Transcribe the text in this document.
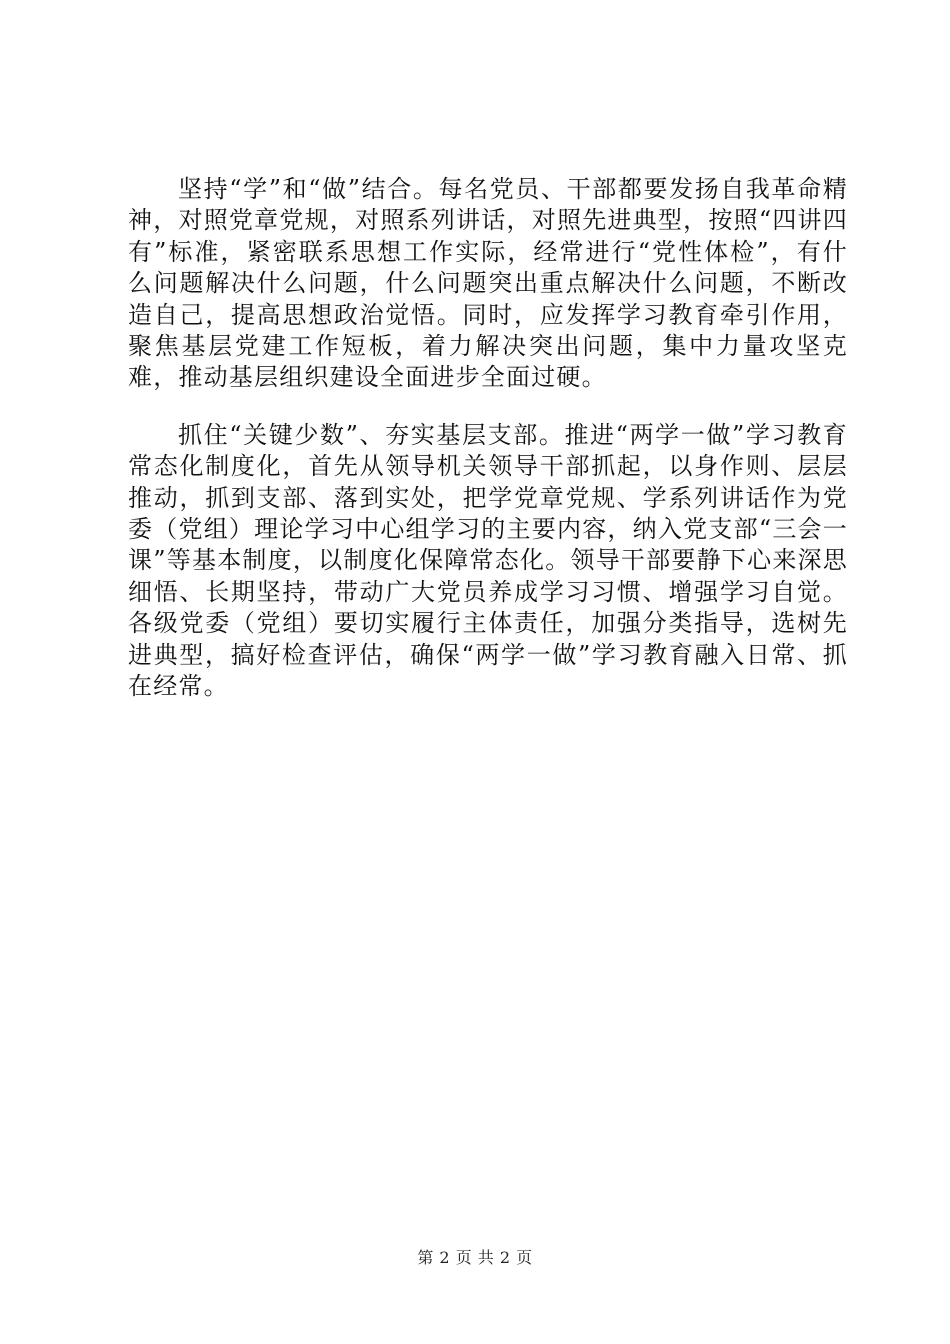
坚持“学”和“做”结合。每名党员、干部都要发扬自我革命精神，对照党章党规，对照系列讲话，对照先进典型，按照“四讲四有”标准，紧密联系思想工作实际，经常进行“党性体检”，有什么问题解决什么问题，什么问题突出重点解决什么问题，不断改造自己，提高思想政治觉悟。同时，应发挥学习教育牵引作用，聚焦基层党建工作短板，着力解决突出问题，集中力量攻坚克难，推动基层组织建设全面进步全面过硬。

抓住“关键少数”、夯实基层支部。推进“两学一做”学习教育常态化制度化，首先从领导机关领导干部抓起，以身作则、层层推动，抓到支部、落到实处，把学党章党规、学系列讲话作为党委（党组）理论学习中心组学习的主要内容，纳入党支部“三会一课”等基本制度，以制度化保障常态化。领导干部要静下心来深思细悟、长期坚持，带动广大党员养成学习习惯、增强学习自觉。各级党委（党组）要切实履行主体责任，加强分类指导，选树先进典型，搞好检查评估，确保“两学一做”学习教育融入日常、抓在经常。

第 2 页 共 2 页
